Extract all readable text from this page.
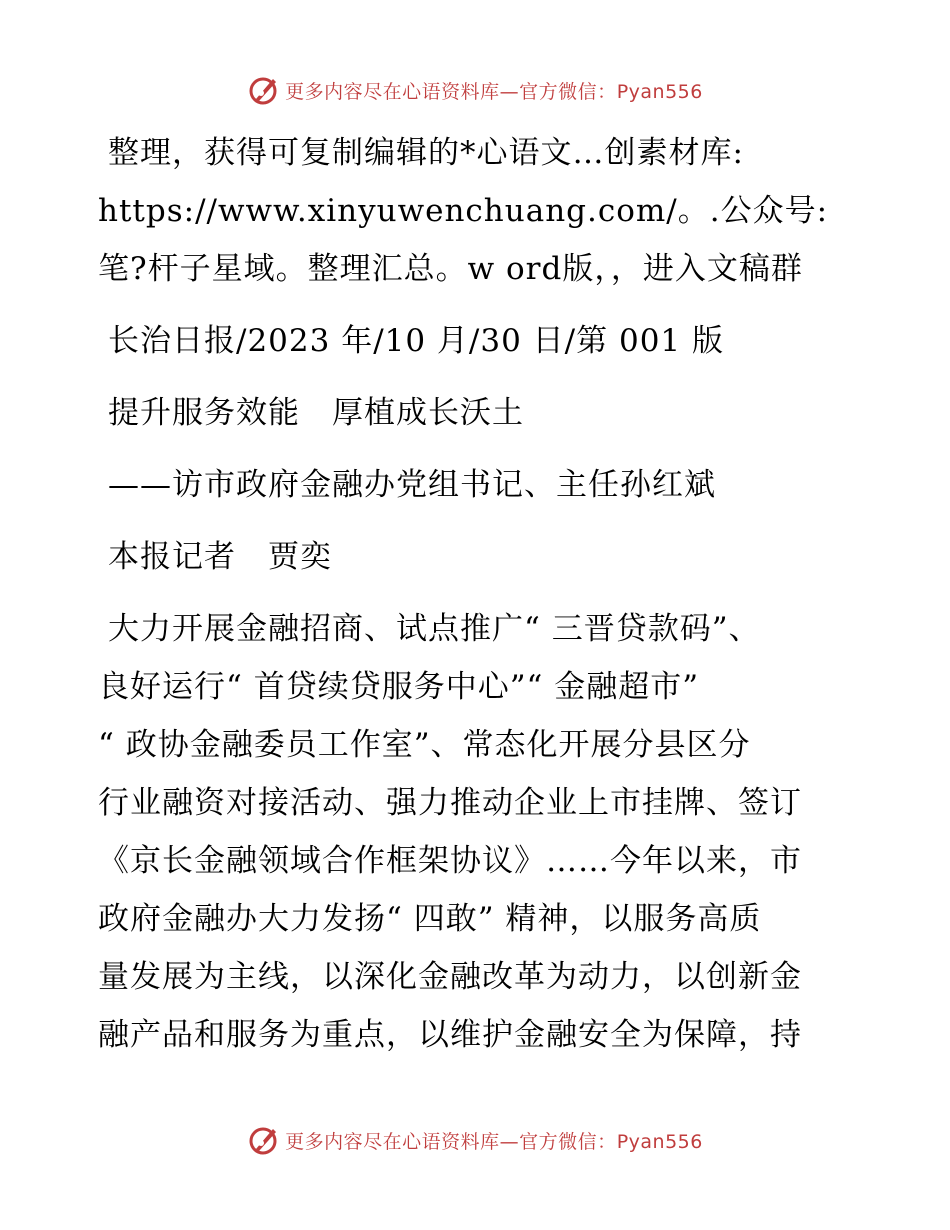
更多内容尽在心语资料库—官方微信：Pyan556
整理，获得可复制编辑的*心语文…创素材库:
https://www.xinyuwenchuang.com/。.公众号:
笔?杆子星域。整理汇总。w ord版，，进入文稿群
长治日报/2023 年/10 月/30 日/第 001 版
提升服务效能　厚植成长沃土
——访市政府金融办党组书记、主任孙红斌
本报记者　贾奕
大力开展金融招商、试点推广“ 三晋贷款码”、
良好运行“ 首贷续贷服务中心”“ 金融超市”
“ 政协金融委员工作室”、常态化开展分县区分
行业融资对接活动、强力推动企业上市挂牌、签订
《京长金融领域合作框架协议》……今年以来，市
政府金融办大力发扬“ 四敢” 精神，以服务高质
量发展为主线，以深化金融改革为动力，以创新金
融产品和服务为重点，以维护金融安全为保障，持
更多内容尽在心语资料库—官方微信：Pyan556
